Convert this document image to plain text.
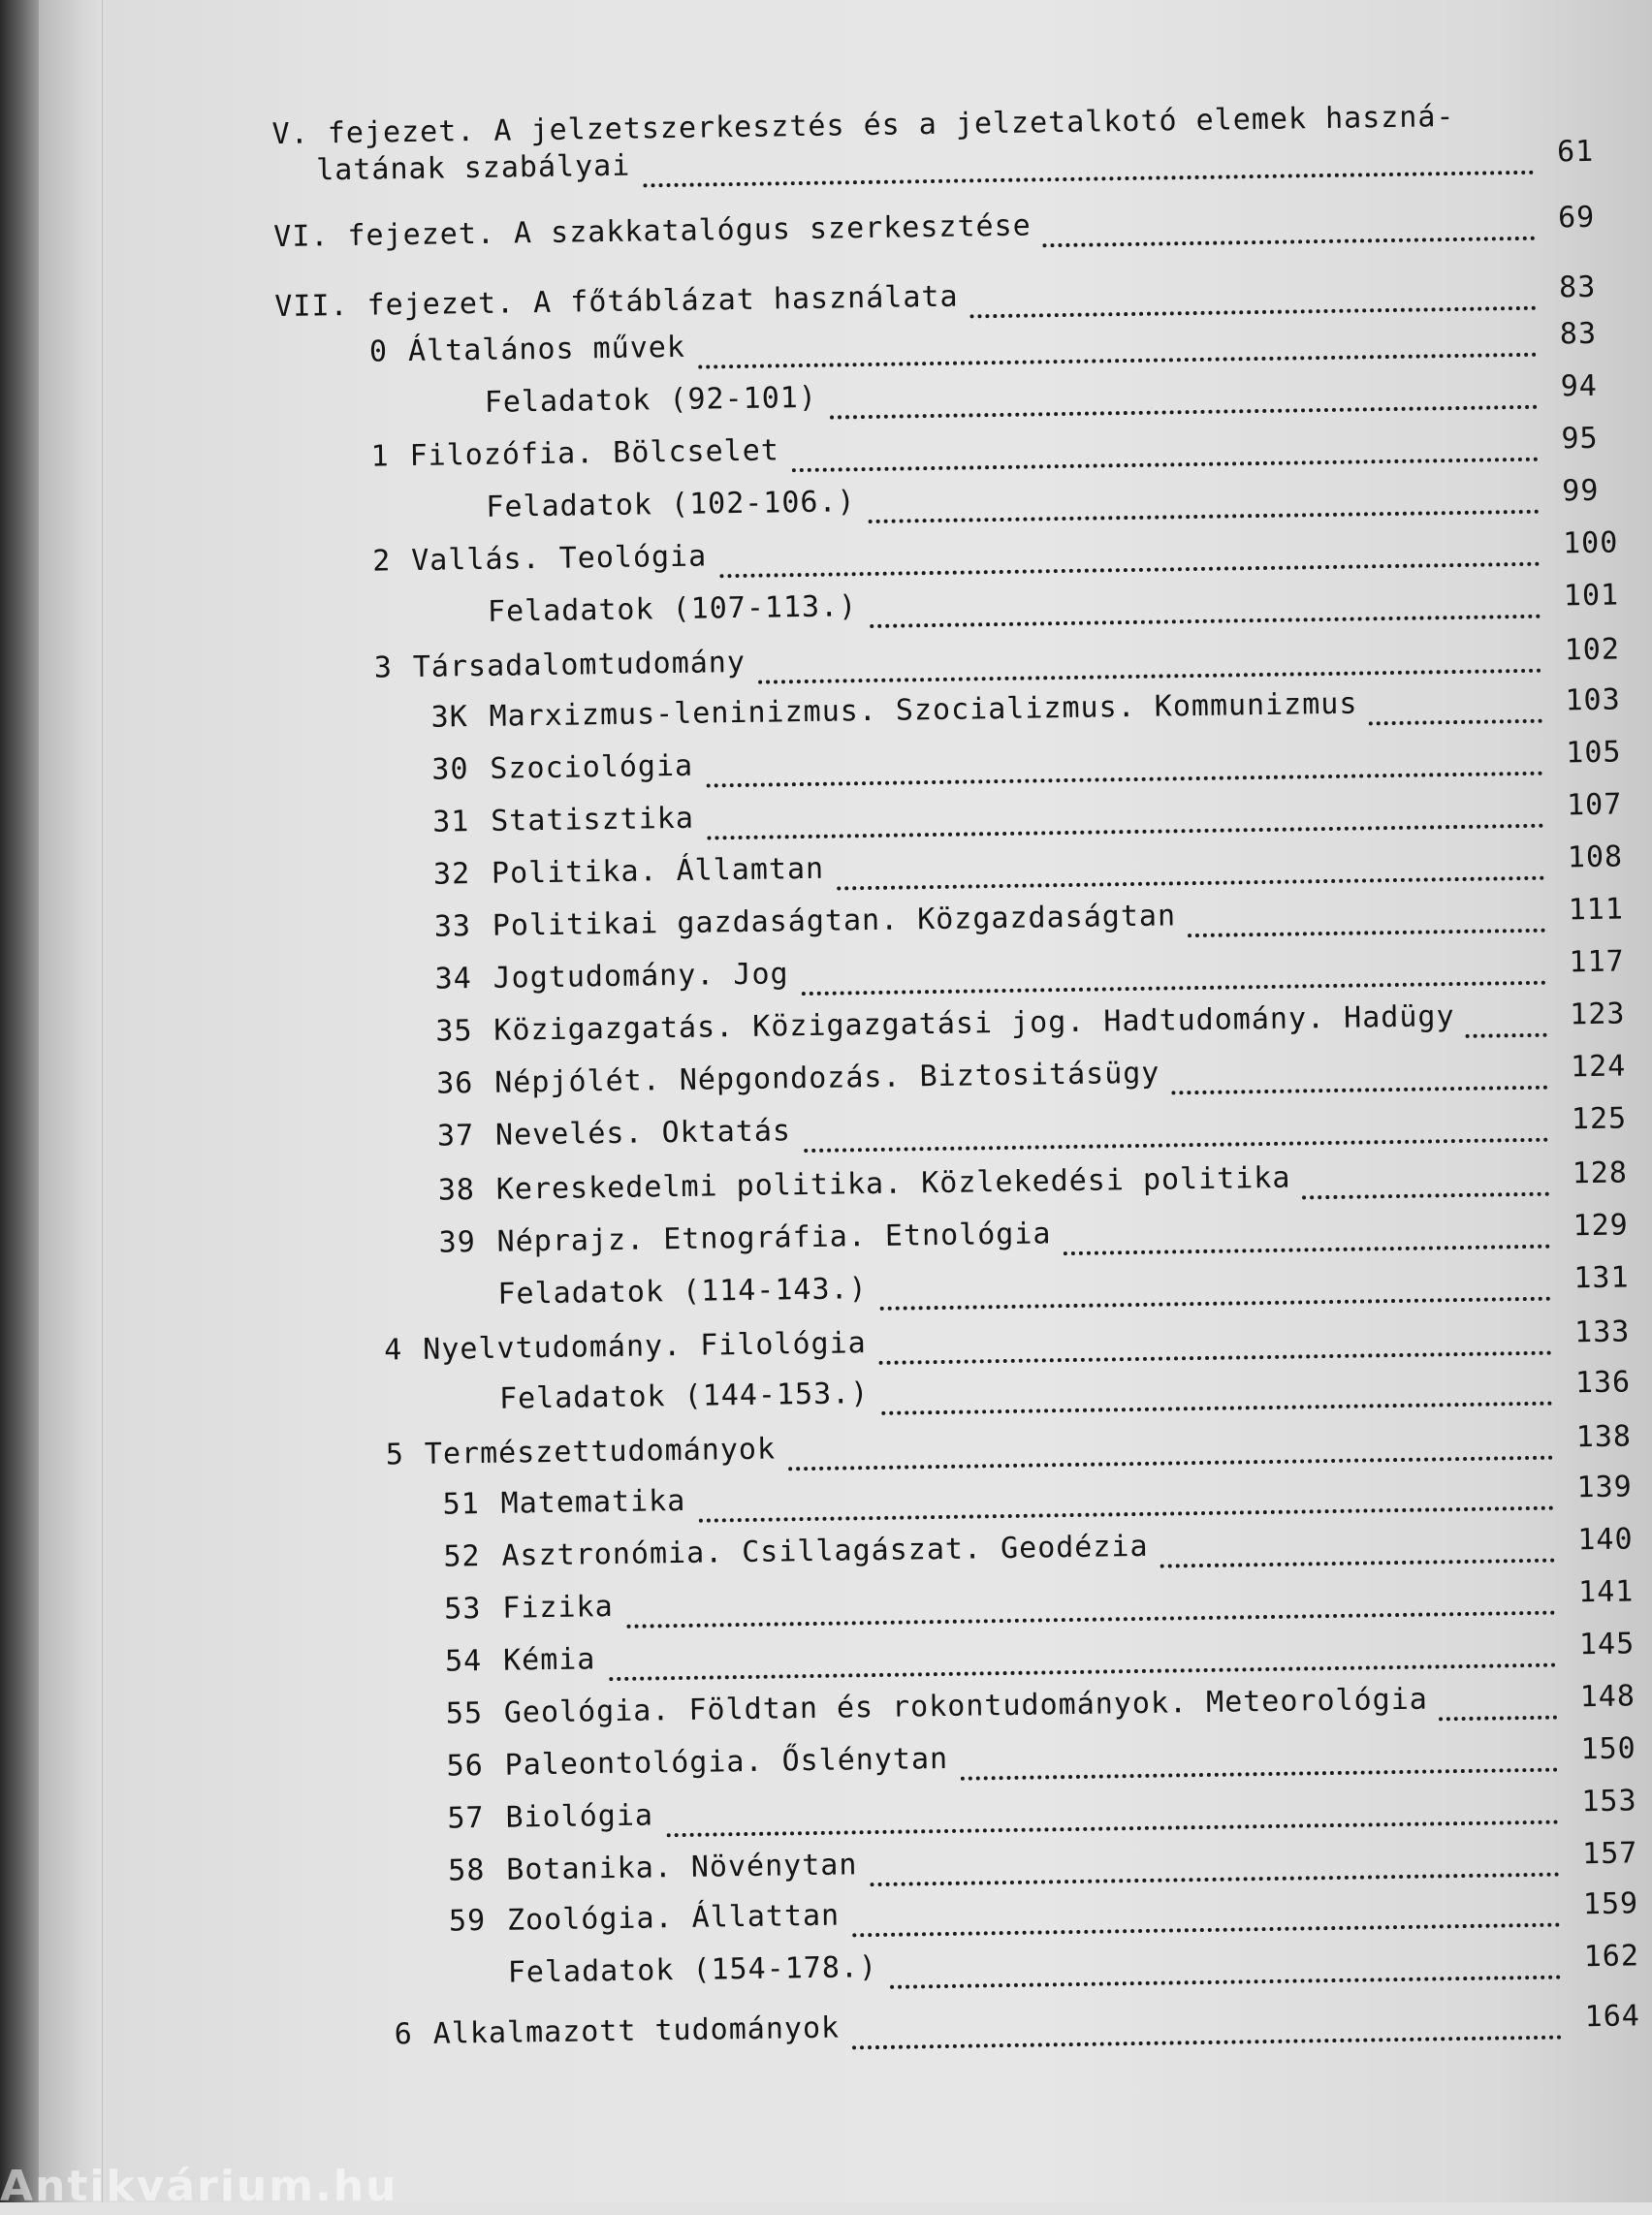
V. fejezet. A jelzetszerkesztés és a jelzetalkotó elemek haszná-
latának szabályai	61
VI. fejezet. A szakkatalógus szerkesztése	69
VII. fejezet. A főtáblázat használata	83
0 Általános művek	83
Feladatok (92-101)	94
1 Filozófia. Bölcselet	95
Feladatok (102-106.)	99
2 Vallás. Teológia	100
Feladatok (107-113.)	101
3 Társadalomtudomány	102
3K Marxizmus-leninizmus. Szocializmus. Kommunizmus	103
30 Szociológia	105
31 Statisztika	107
32 Politika. Államtan	108
33 Politikai gazdaságtan. Közgazdaságtan	111
34 Jogtudomány. Jog	117
35 Közigazgatás. Közigazgatási jog. Hadtudomány. Hadügy	123
36 Népjólét. Népgondozás. Biztositásügy	124
37 Nevelés. Oktatás	125
38 Kereskedelmi politika. Közlekedési politika	128
39 Néprajz. Etnográfia. Etnológia	129
Feladatok (114-143.)	131
4 Nyelvtudomány. Filológia	133
Feladatok (144-153.)	136
5 Természettudományok	138
51 Matematika	139
52 Asztronómia. Csillagászat. Geodézia	140
53 Fizika	141
54 Kémia	145
55 Geológia. Földtan és rokontudományok. Meteorológia	148
56 Paleontológia. Őslénytan	150
57 Biológia	153
58 Botanika. Növénytan	157
59 Zoológia. Állattan	159
Feladatok (154-178.)	162
6 Alkalmazott tudományok	164
Antikvárium.hu
